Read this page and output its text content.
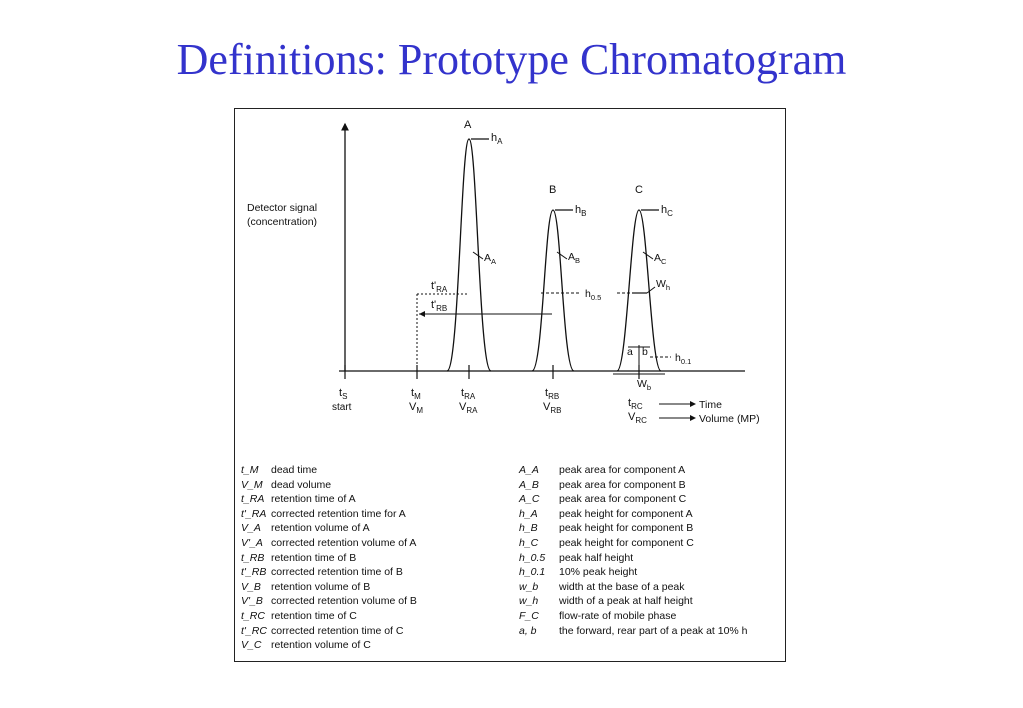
Definitions: Prototype Chromatogram
Detector signal
(concentration)
A
B	C
$h_A$
$h_B$	$h_C$
$A_A$	$A_B$	$A_C$
$h_{0.5}$
$W_h$
a b	$h_{0.1}$
$W_b$
$t'_{RA}$
$t'_{RB}$
$t_S$
start
$t_M$
$V_M$
$t_{RA}$
$V_{RA}$
$t_{RB}$
$V_{RB}$
$t_{RC}$
$V_{RC}$
Time
Volume (MP)
t_M dead time
V_M dead volume
t_RA retention time of A
t'_RA corrected retention time for A
V_A retention volume of A
V'_A corrected retention volume of A
t_RB retention time of B
t'_RB corrected retention time of B
V_B retention volume of B
V'_B corrected retention volume of B
t_RC retention time of C
t'_RC corrected retention time of C
V_C retention volume of C
A_A peak area for component A
A_B peak area for component B
A_C peak area for component C
h_A peak height for component A
h_B peak height for component B
h_C peak height for component C
h_0.5 peak half height
h_0.1 10% peak height
w_b width at the base of a peak
w_h width of a peak at half height
F_C flow-rate of mobile phase
a, b the forward, rear part of a peak at 10% h
